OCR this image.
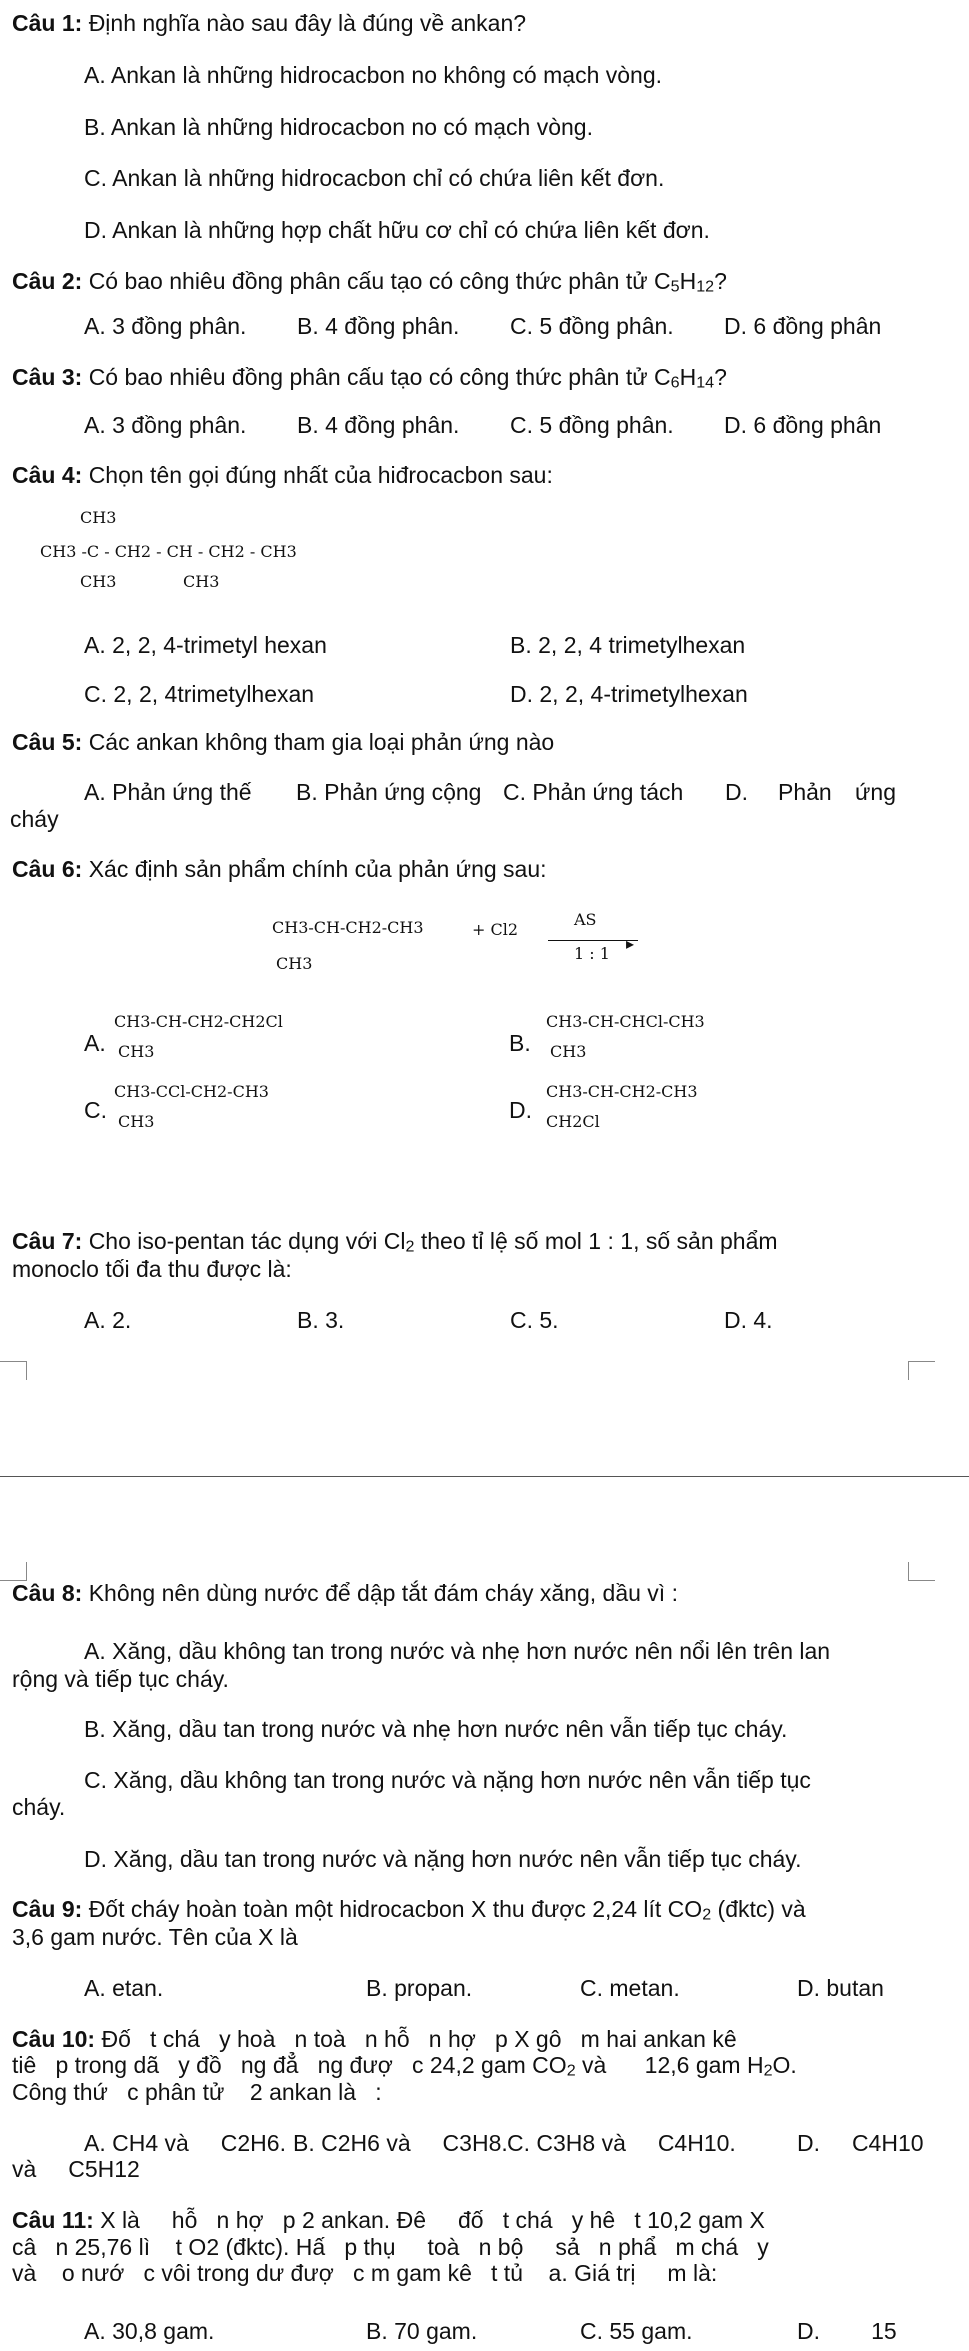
Câu 1: Định nghĩa nào sau đây là đúng về ankan?
A. Ankan là những hidrocacbon no không có mạch vòng.
B. Ankan là những hidrocacbon no có mạch vòng.
C. Ankan là những hidrocacbon chỉ có chứa liên kết đơn.
D. Ankan là những hợp chất hữu cơ chỉ có chứa liên kết đơn.
Câu 2: Có bao nhiêu đồng phân cấu tạo có công thức phân tử $C_5H_{12}$?
A. 3 đồng phân. B. 4 đồng phân. C. 5 đồng phân. D. 6 đồng phân
Câu 3: Có bao nhiêu đồng phân cấu tạo có công thức phân tử $C_6H_{14}$?
A. 3 đồng phân. B. 4 đồng phân. C. 5 đồng phân. D. 6 đồng phân
Câu 4: Chọn tên gọi đúng nhất của hiđrocacbon sau:
CH3
CH3 -C - CH2 - CH - CH2 - CH3
CH3	CH3
A. 2, 2, 4-trimetyl hexan	B. 2, 2, 4 trimetylhexan
C. 2, 2, 4trimetylhexan	D. 2, 2, 4-trimetylhexan
Câu 5: Các ankan không tham gia loại phản ứng nào
A. Phản ứng thế B. Phản ứng cộng C. Phản ứng tách D. Phản ứng
cháy
Câu 6: Xác định sản phẩm chính của phản ứng sau:
CH3-CH-CH2-CH3
CH3
+ Cl2
AS
▸
1 : 1
A.
CH3-CH-CH2-CH2Cl
CH3	B.
CH3-CH-CHCl-CH3
CH3
C.
CH3-CCl-CH2-CH3
CH3	D.
CH3-CH-CH2-CH3
CH2Cl
Câu 7: Cho iso-pentan tác dụng với $Cl_2$ theo tỉ lệ số mol 1 : 1, số sản phẩm
monoclo tối đa thu được là:
A. 2.	B. 3.	C. 5.	D. 4.
Câu 8: Không nên dùng nước để dập tắt đám cháy xăng, dầu vì :
A. Xăng, dầu không tan trong nước và nhẹ hơn nước nên nổi lên trên lan
rộng và tiếp tục cháy.
B. Xăng, dầu tan trong nước và nhẹ hơn nước nên vẫn tiếp tục cháy.
C. Xăng, dầu không tan trong nước và nặng hơn nước nên vẫn tiếp tục
cháy.
D. Xăng, dầu tan trong nước và nặng hơn nước nên vẫn tiếp tục cháy.
Câu 9: Đốt cháy hoàn toàn một hidrocacbon X thu được 2,24 lít $CO_2$ (đktc) và
3,6 gam nước. Tên của X là
A. etan.	B. propan.	C. metan.	D. butan
Câu 10: Đố   t chá   y hoà   n toà   n hỗ   n hợ   p X gô   m hai ankan kê
tiê   p trong dã   y đồ   ng đẳ   ng đượ   c 24,2 gam $CO_2$ và      12,6 gam $H_2O$.
Công thứ   c phân tử    2 ankan là   :
A. CH4 và     C2H6. B. C2H6 và     C3H8. C. C3H8 và     C4H10.	D.     C4H10
và     C5H12
Câu 11: X là     hỗ   n hợ   p 2 ankan. Đê     đố   t chá   y hê   t 10,2 gam X
câ   n 25,76 lì    t O2 (đktc). Hấ   p thụ     toà   n bộ     sả   n phẩ   m chá   y
và    o nướ   c vôi trong dư đượ   c m gam kê   t tủ    a. Giá trị     m là:
A. 30,8 gam.	B. 70 gam.	C. 55 gam.	D.        15
